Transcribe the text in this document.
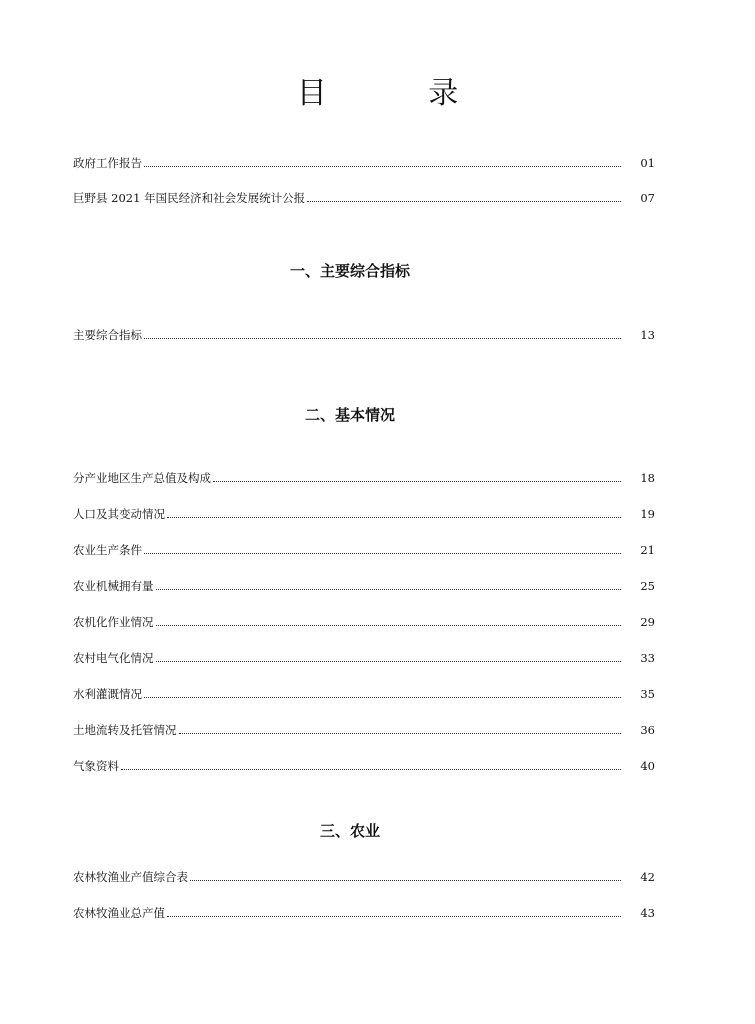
目	录
政府工作报告	01
巨野县 2021 年国民经济和社会发展统计公报	07
一、主要综合指标
主要综合指标	13
二、基本情况
分产业地区生产总值及构成	18
人口及其变动情况	19
农业生产条件	21
农业机械拥有量	25
农机化作业情况	29
农村电气化情况	33
水利灌溉情况	35
土地流转及托管情况	36
气象资料	40
三、农业
农林牧渔业产值综合表	42
农林牧渔业总产值	43
